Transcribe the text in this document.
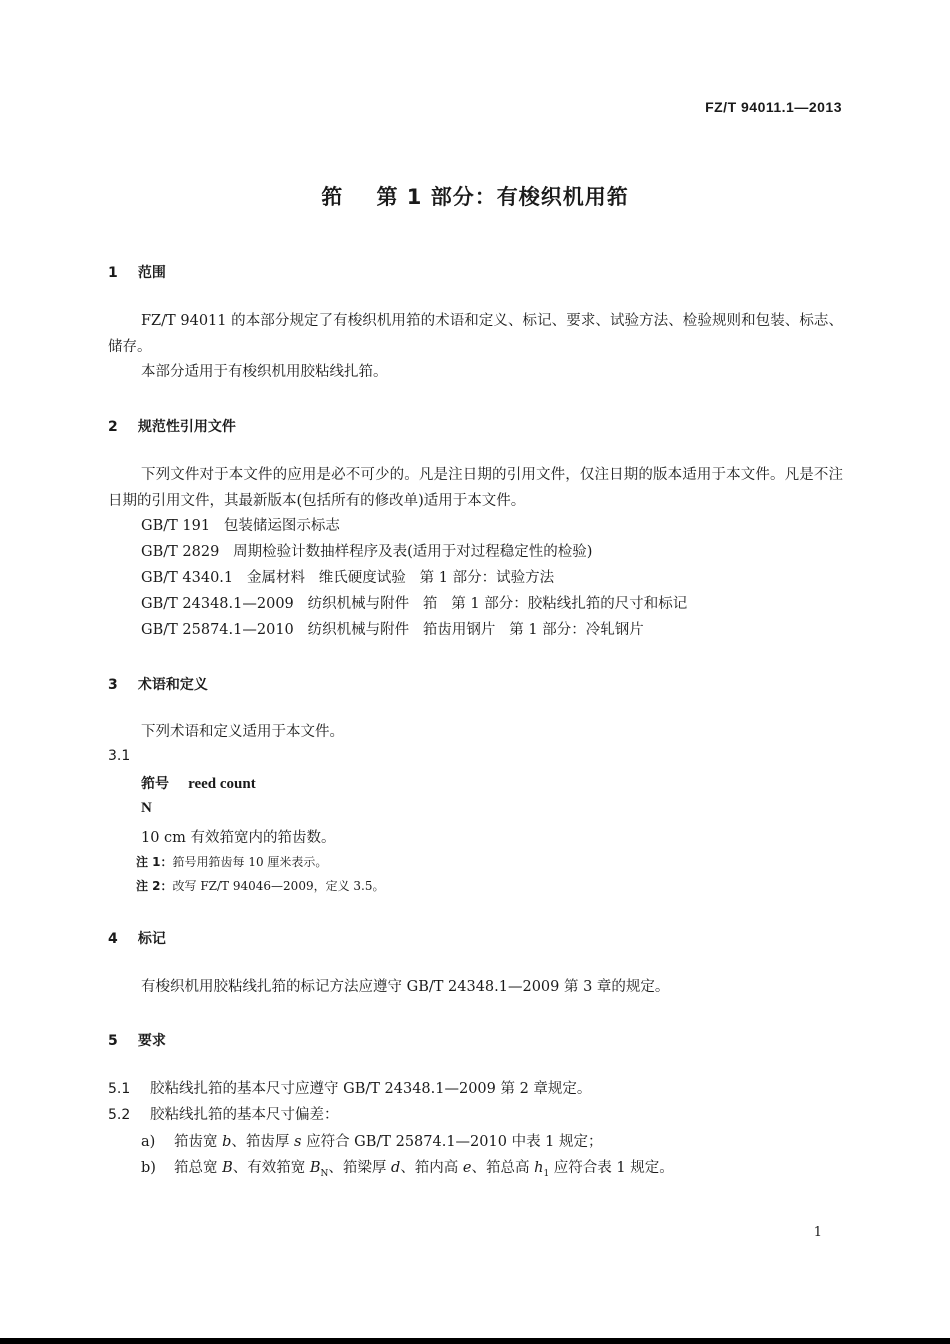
FZ/T 94011.1—2013
筘    第 1 部分：有梭织机用筘
1 范围
FZ/T 94011 的本部分规定了有梭织机用筘的术语和定义、标记、要求、试验方法、检验规则和包装、标志、储存。
本部分适用于有梭织机用胶粘线扎筘。
2 规范性引用文件
下列文件对于本文件的应用是必不可少的。凡是注日期的引用文件，仅注日期的版本适用于本文件。凡是不注日期的引用文件，其最新版本(包括所有的修改单)适用于本文件。
GB/T 191   包装储运图示标志
GB/T 2829   周期检验计数抽样程序及表(适用于对过程稳定性的检验)
GB/T 4340.1   金属材料   维氏硬度试验   第 1 部分：试验方法
GB/T 24348.1—2009   纺织机械与附件   筘   第 1 部分：胶粘线扎筘的尺寸和标记
GB/T 25874.1—2010   纺织机械与附件   筘齿用钢片   第 1 部分：冷轧钢片
3 术语和定义
下列术语和定义适用于本文件。
3.1
筘号 reed count
N
10 cm 有效筘宽内的筘齿数。
注 1：筘号用筘齿每 10 厘米表示。
注 2：改写 FZ/T 94046—2009，定义 3.5。
4 标记
有梭织机用胶粘线扎筘的标记方法应遵守 GB/T 24348.1—2009 第 3 章的规定。
5 要求
5.1 胶粘线扎筘的基本尺寸应遵守 GB/T 24348.1—2009 第 2 章规定。
5.2 胶粘线扎筘的基本尺寸偏差：
a) 筘齿宽 b、筘齿厚 s 应符合 GB/T 25874.1—2010 中表 1 规定；
b) 筘总宽 B、有效筘宽 $B_N$、筘梁厚 d、筘内高 e、筘总高 $h_1$ 应符合表 1 规定。
1
